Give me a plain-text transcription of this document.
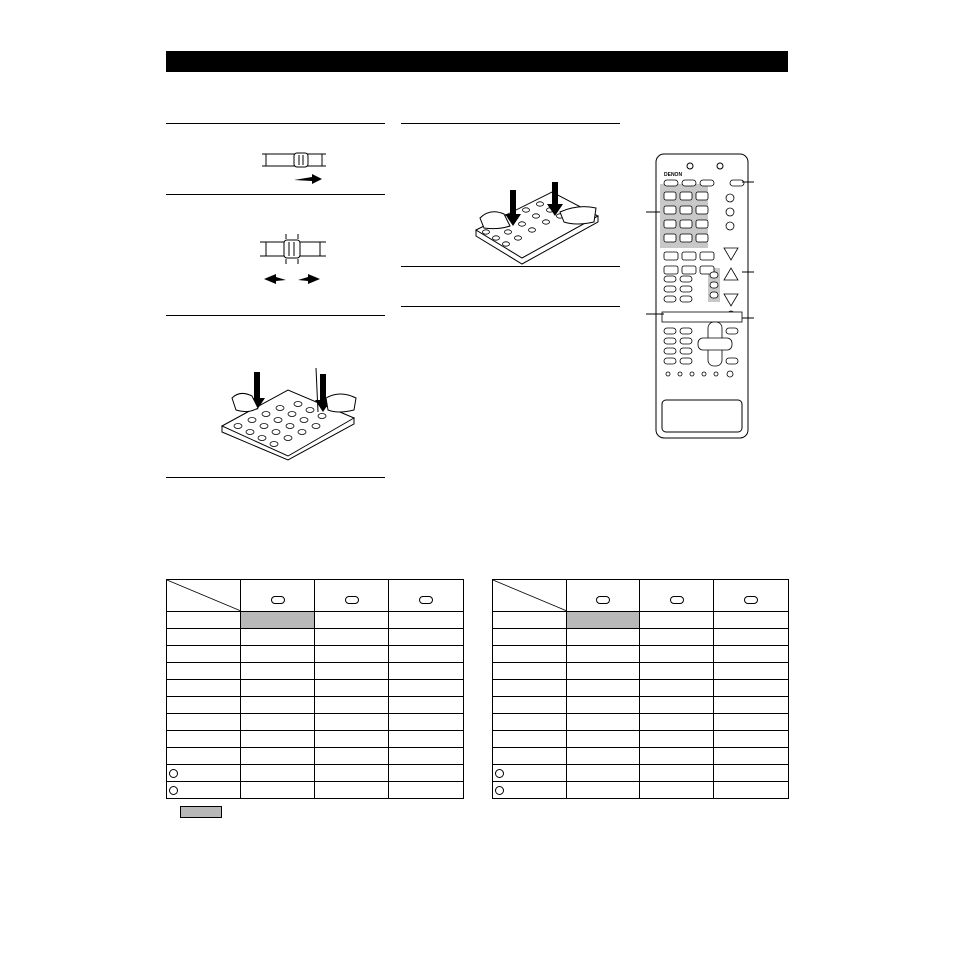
DENON
